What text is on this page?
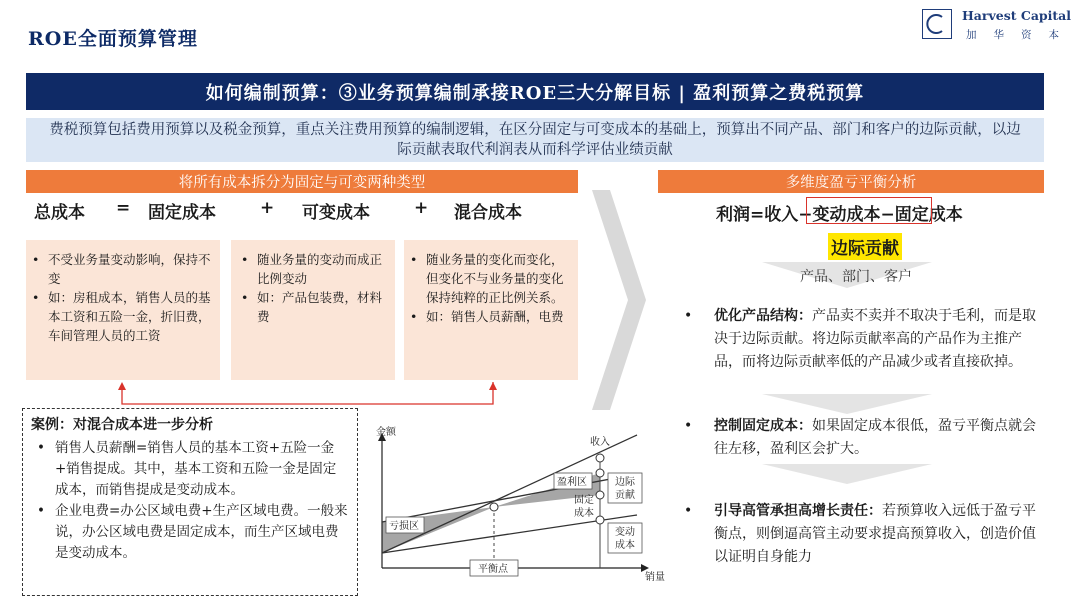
ROE全面预算管理
Harvest Capital
加华资本
如何编制预算：③业务预算编制承接ROE三大分解目标 | 盈利预算之费税预算
费税预算包括费用预算以及税金预算，重点关注费用预算的编制逻辑，在区分固定与可变成本的基础上，预算出不同产品、部门和客户的边际贡献，以边际贡献表取代利润表从而科学评估业绩贡献
将所有成本拆分为固定与可变两种类型
总成本 = 固定成本	+ 可变成本	+ 混合成本
• 不受业务量变动影响，保持不变
• 如：房租成本，销售人员的基本工资和五险一金，折旧费，车间管理人员的工资
• 随业务量的变动而成正比例变动
• 如：产品包装费，材料费
• 随业务量的变化而变化，但变化不与业务量的变化保持纯粹的正比例关系。
• 如：销售人员薪酬，电费
多维度盈亏平衡分析
利润=收入−变动成本−固定成本
边际贡献
产品、部门、客户
• 优化产品结构：产品卖不卖并不取决于毛利，而是取决于边际贡献。将边际贡献率高的产品作为主推产品，而将边际贡献率低的产品减少或者直接砍掉。
• 控制固定成本：如果固定成本很低，盈亏平衡点就会往左移，盈利区会扩大。
• 引导高管承担高增长责任：若预算收入远低于盈亏平衡点，则倒逼高管主动要求提高预算收入，创造价值以证明自身能力
案例：对混合成本进一步分析
• 销售人员薪酬=销售人员的基本工资+五险一金+销售提成。其中，基本工资和五险一金是固定成本，而销售提成是变动成本。
• 企业电费=办公区域电费+生产区域电费。一般来说，办公区域电费是固定成本，而生产区域电费是变动成本。
金额
销量
收入
盈利区
亏损区
边际
贡献
固定
成本
变动
成本
平衡点
